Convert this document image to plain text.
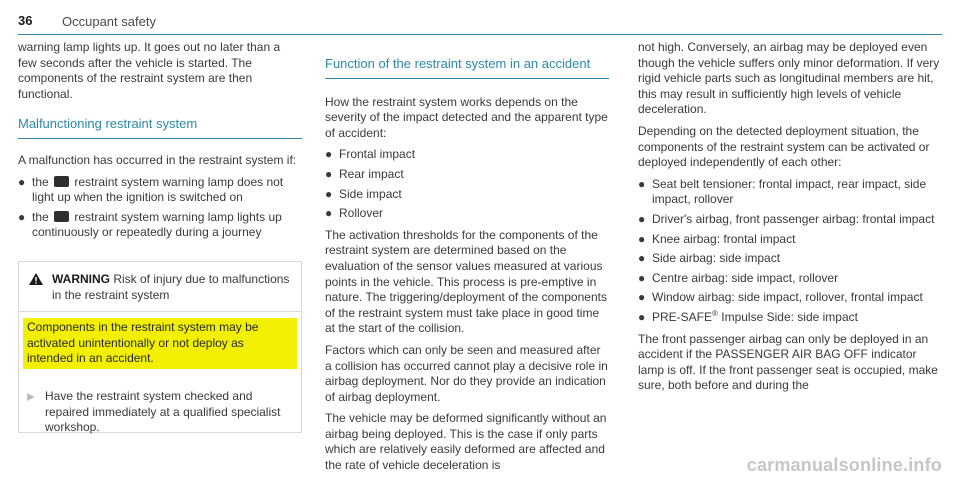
36 Occupant safety

warning lamp lights up. It goes out no later than a few seconds after the vehicle is started. The components of the restraint system are then functional.

Malfunctioning restraint system

A malfunction has occurred in the restraint system if:

● the restraint system warning lamp does not light up when the ignition is switched on
● the restraint system warning lamp lights up continuously or repeatedly during a journey
WARNING Risk of injury due to malfunctions in the restraint system
Components in the restraint system may be activated unintentionally or not deploy as intended in an accident.
Have the restraint system checked and repaired immediately at a qualified specialist workshop.
Function of the restraint system in an accident

How the restraint system works depends on the severity of the impact detected and the apparent type of accident:

● Frontal impact
● Rear impact
● Side impact
● Rollover

The activation thresholds for the components of the restraint system are determined based on the evaluation of the sensor values measured at various points in the vehicle. This process is pre-emptive in nature. The triggering/deployment of the components of the restraint system must take place in good time at the start of the collision.

Factors which can only be seen and measured after a collision has occurred cannot play a decisive role in airbag deployment. Nor do they provide an indication of airbag deployment.

The vehicle may be deformed significantly without an airbag being deployed. This is the case if only parts which are relatively easily deformed are affected and the rate of vehicle deceleration is

not high. Conversely, an airbag may be deployed even though the vehicle suffers only minor deformation. If very rigid vehicle parts such as longitudinal members are hit, this may result in sufficiently high levels of vehicle deceleration.

Depending on the detected deployment situation, the components of the restraint system can be activated or deployed independently of each other:

● Seat belt tensioner: frontal impact, rear impact, side impact, rollover
● Driver's airbag, front passenger airbag: frontal impact
● Knee airbag: frontal impact
● Side airbag: side impact
● Centre airbag: side impact, rollover
● Window airbag: side impact, rollover, frontal impact
● PRE-SAFE® Impulse Side: side impact

The front passenger airbag can only be deployed in an accident if the PASSENGER AIR BAG OFF indicator lamp is off. If the front passenger seat is occupied, make sure, both before and during the

carmanualsonline.info
